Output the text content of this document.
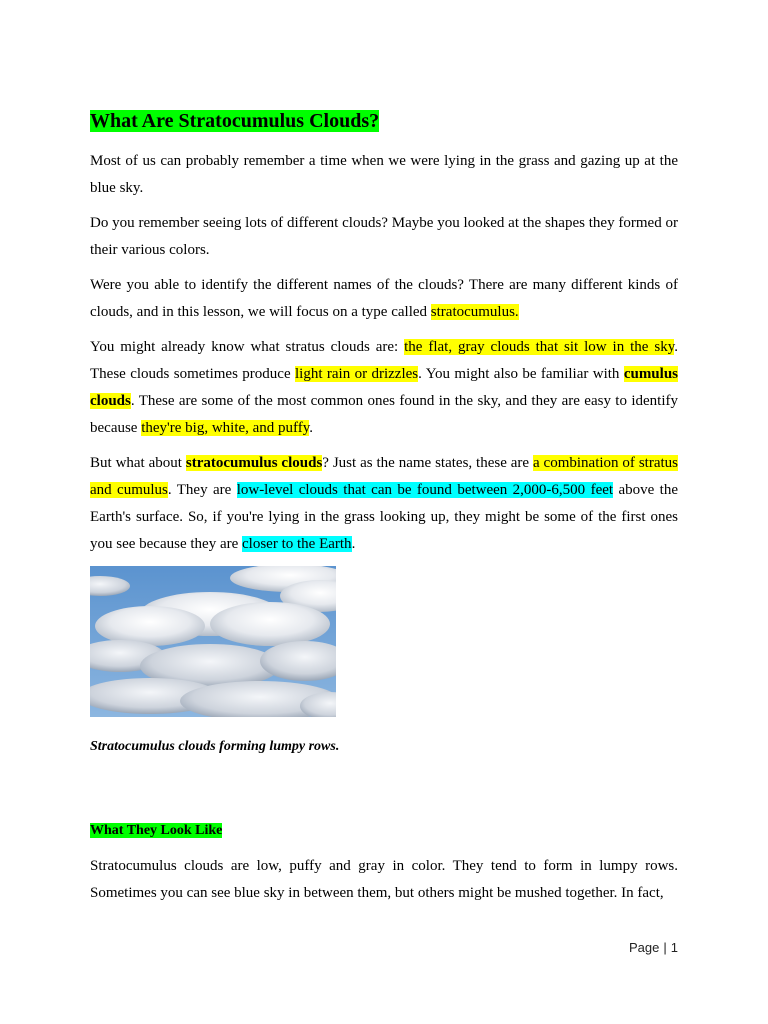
What Are Stratocumulus Clouds?

Most of us can probably remember a time when we were lying in the grass and gazing up at the blue sky.

Do you remember seeing lots of different clouds? Maybe you looked at the shapes they formed or their various colors.

Were you able to identify the different names of the clouds? There are many different kinds of clouds, and in this lesson, we will focus on a type called stratocumulus.

You might already know what stratus clouds are: the flat, gray clouds that sit low in the sky. These clouds sometimes produce light rain or drizzles. You might also be familiar with cumulus clouds. These are some of the most common ones found in the sky, and they are easy to identify because they're big, white, and puffy.

But what about stratocumulus clouds? Just as the name states, these are a combination of stratus and cumulus. They are low-level clouds that can be found between 2,000-6,500 feet above the Earth's surface. So, if you're lying in the grass looking up, they might be some of the first ones you see because they are closer to the Earth.

Stratocumulus clouds forming lumpy rows.
What They Look Like

Stratocumulus clouds are low, puffy and gray in color. They tend to form in lumpy rows. Sometimes you can see blue sky in between them, but others might be mushed together. In fact,

Page | 1
